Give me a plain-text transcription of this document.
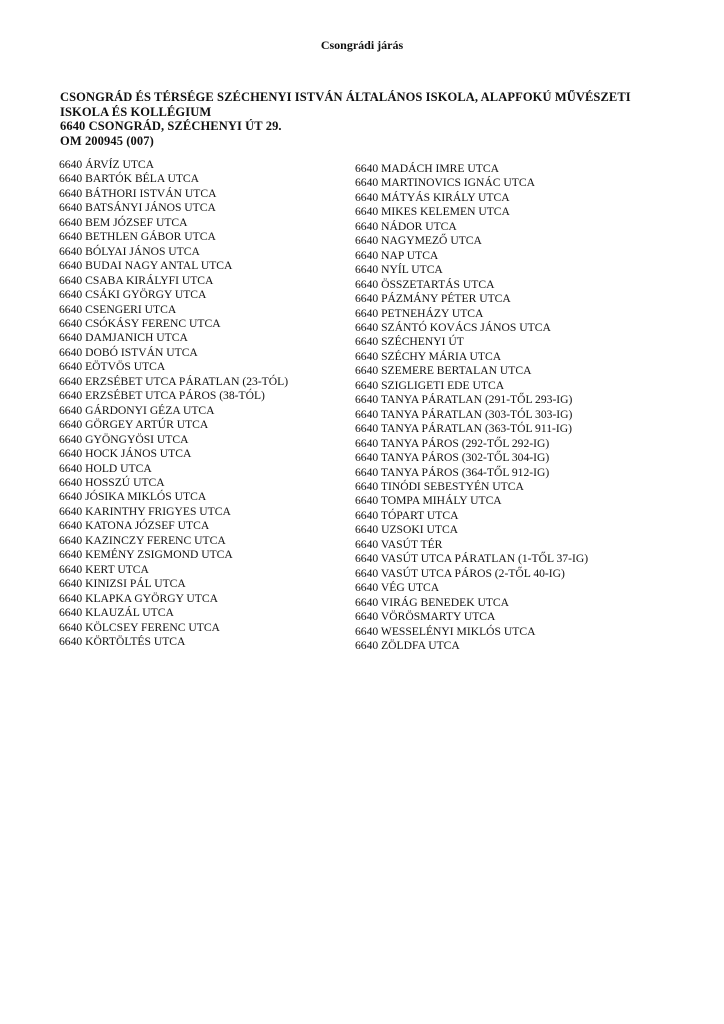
Csongrádi járás
CSONGRÁD ÉS TÉRSÉGE SZÉCHENYI ISTVÁN ÁLTALÁNOS ISKOLA, ALAPFOKÚ MŰVÉSZETI
ISKOLA ÉS KOLLÉGIUM
6640 CSONGRÁD, SZÉCHENYI ÚT 29.
OM 200945 (007)
6640 ÁRVÍZ UTCA
6640 BARTÓK BÉLA UTCA
6640 BÁTHORI ISTVÁN UTCA
6640 BATSÁNYI JÁNOS UTCA
6640 BEM JÓZSEF UTCA
6640 BETHLEN GÁBOR UTCA
6640 BÓLYAI JÁNOS UTCA
6640 BUDAI NAGY ANTAL UTCA
6640 CSABA KIRÁLYFI UTCA
6640 CSÁKI GYÖRGY UTCA
6640 CSENGERI UTCA
6640 CSÓKÁSY FERENC UTCA
6640 DAMJANICH UTCA
6640 DOBÓ ISTVÁN UTCA
6640 EÖTVÖS UTCA
6640 ERZSÉBET UTCA PÁRATLAN (23-TÓL)
6640 ERZSÉBET UTCA PÁROS (38-TÓL)
6640 GÁRDONYI GÉZA UTCA
6640 GÖRGEY ARTÚR UTCA
6640 GYÖNGYÖSI UTCA
6640 HOCK JÁNOS UTCA
6640 HOLD UTCA
6640 HOSSZÚ UTCA
6640 JÓSIKA MIKLÓS UTCA
6640 KARINTHY FRIGYES UTCA
6640 KATONA JÓZSEF UTCA
6640 KAZINCZY FERENC UTCA
6640 KEMÉNY ZSIGMOND UTCA
6640 KERT UTCA
6640 KINIZSI PÁL UTCA
6640 KLAPKA GYÖRGY UTCA
6640 KLAUZÁL UTCA
6640 KÖLCSEY FERENC UTCA
6640 KÖRTÖLTÉS UTCA
6640 MADÁCH IMRE UTCA
6640 MARTINOVICS IGNÁC UTCA
6640 MÁTYÁS KIRÁLY UTCA
6640 MIKES KELEMEN UTCA
6640 NÁDOR UTCA
6640 NAGYMEZŐ UTCA
6640 NAP UTCA
6640 NYÍL UTCA
6640 ÖSSZETARTÁS UTCA
6640 PÁZMÁNY PÉTER UTCA
6640 PETNEHÁZY UTCA
6640 SZÁNTÓ KOVÁCS JÁNOS UTCA
6640 SZÉCHENYI ÚT
6640 SZÉCHY MÁRIA UTCA
6640 SZEMERE BERTALAN UTCA
6640 SZIGLIGETI EDE UTCA
6640 TANYA PÁRATLAN (291-TŐL 293-IG)
6640 TANYA PÁRATLAN (303-TÓL 303-IG)
6640 TANYA PÁRATLAN (363-TÓL 911-IG)
6640 TANYA PÁROS (292-TŐL 292-IG)
6640 TANYA PÁROS (302-TŐL 304-IG)
6640 TANYA PÁROS (364-TŐL 912-IG)
6640 TINÓDI SEBESTYÉN UTCA
6640 TOMPA MIHÁLY UTCA
6640 TÓPART UTCA
6640 UZSOKI UTCA
6640 VASÚT TÉR
6640 VASÚT UTCA PÁRATLAN (1-TŐL 37-IG)
6640 VASÚT UTCA PÁROS (2-TŐL 40-IG)
6640 VÉG UTCA
6640 VIRÁG BENEDEK UTCA
6640 VÖRÖSMARTY UTCA
6640 WESSELÉNYI MIKLÓS UTCA
6640 ZÖLDFA UTCA
